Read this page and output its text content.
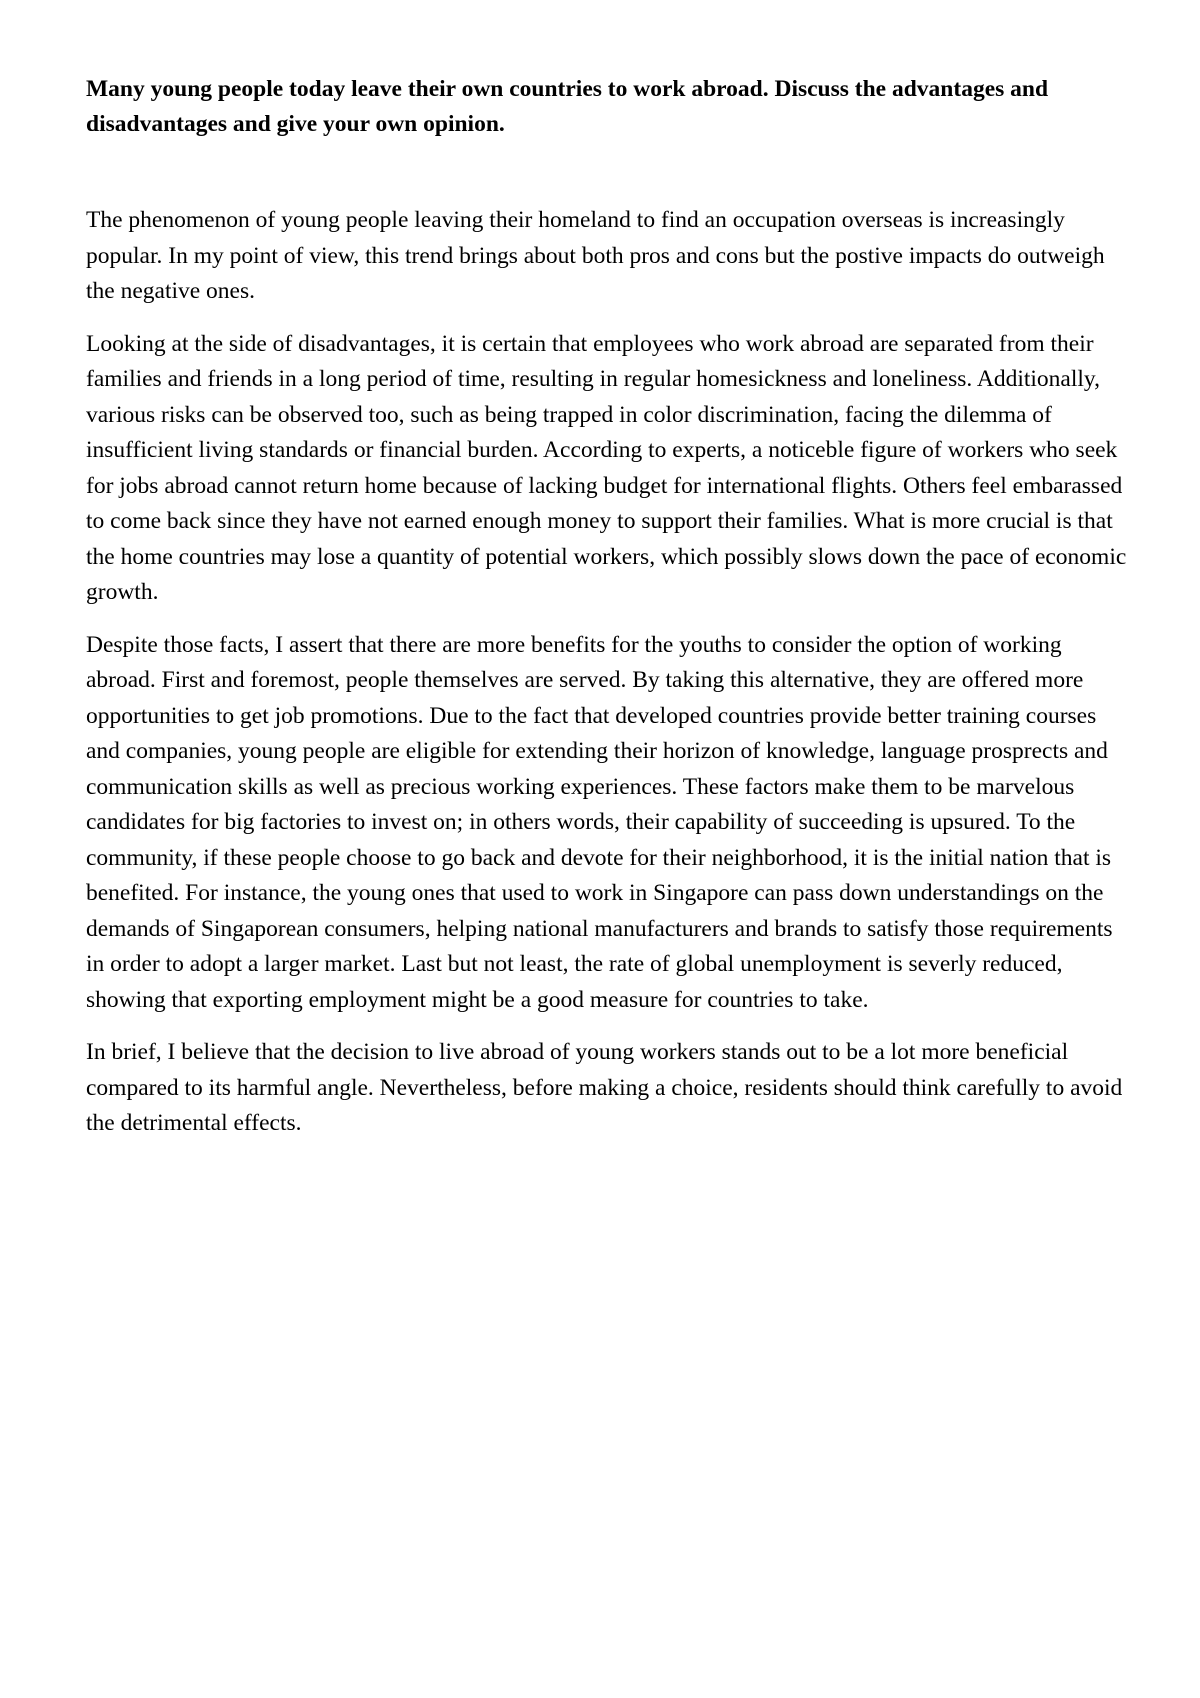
Many young people today leave their own countries to work abroad. Discuss the advantages and disadvantages and give your own opinion.

The phenomenon of young people leaving their homeland to find an occupation overseas is increasingly popular. In my point of view, this trend brings about both pros and cons but the postive impacts do outweigh the negative ones.

Looking at the side of disadvantages, it is certain that employees who work abroad are separated from their families and friends in a long period of time, resulting in regular homesickness and loneliness. Additionally, various risks can be observed too, such as being trapped in color discrimination, facing the dilemma of insufficient living standards or financial burden. According to experts, a noticeble figure of workers who seek for jobs abroad cannot return home because of lacking budget for international flights. Others feel embarassed to come back since they have not earned enough money to support their families. What is more crucial is that the home countries may lose a quantity of potential workers, which possibly slows down the pace of economic growth.

Despite those facts, I assert that there are more benefits for the youths to consider the option of working abroad. First and foremost, people themselves are served. By taking this alternative, they are offered more opportunities to get job promotions. Due to the fact that developed countries provide better training courses and companies, young people are eligible for extending their horizon of knowledge, language prosprects and communication skills as well as precious working experiences. These factors make them to be marvelous candidates for big factories to invest on; in others words, their capability of succeeding is upsured. To the community, if these people choose to go back and devote for their neighborhood, it is the initial nation that is benefited. For instance, the young ones that used to work in Singapore can pass down understandings on the demands of Singaporean consumers, helping national manufacturers and brands to satisfy those requirements in order to adopt a larger market. Last but not least, the rate of global unemployment is severly reduced, showing that exporting employment might be a good measure for countries to take.

In brief, I believe that the decision to live abroad of young workers stands out to be a lot more beneficial compared to its harmful angle. Nevertheless, before making a choice, residents should think carefully to avoid the detrimental effects.
